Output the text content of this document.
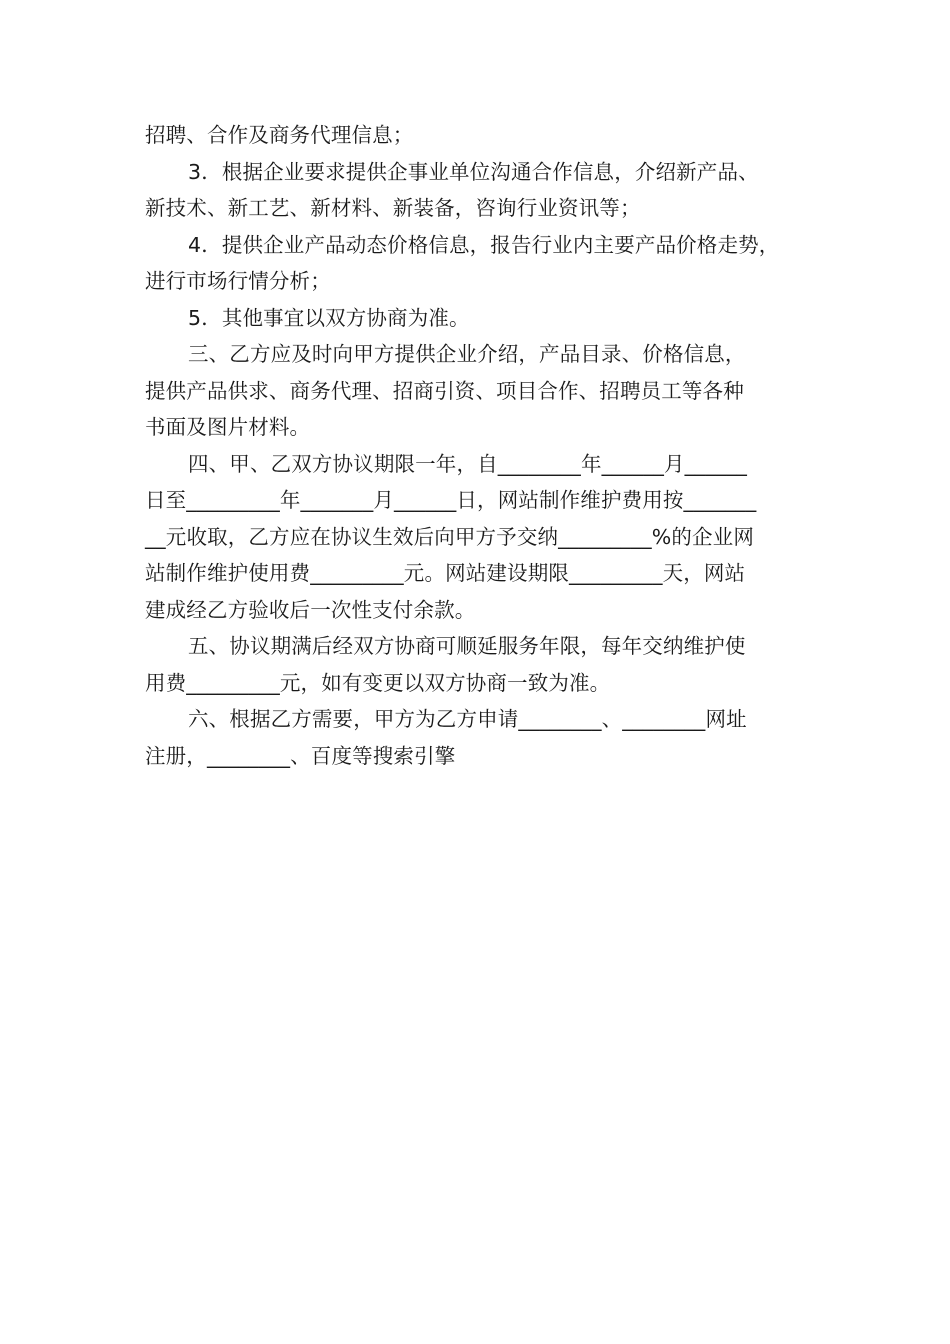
招聘、合作及商务代理信息；
3．根据企业要求提供企事业单位沟通合作信息，介绍新产品、
新技术、新工艺、新材料、新装备，咨询行业资讯等；
4．提供企业产品动态价格信息，报告行业内主要产品价格走势，
进行市场行情分析；
5．其他事宜以双方协商为准。
三、乙方应及时向甲方提供企业介绍，产品目录、价格信息，
提供产品供求、商务代理、招商引资、项目合作、招聘员工等各种
书面及图片材料。
四、甲、乙双方协议期限一年，自________年______月______
日至_________年_______月______日，网站制作维护费用按_______
__元收取，乙方应在协议生效后向甲方予交纳_________%的企业网
站制作维护使用费_________元。网站建设期限_________天，网站
建成经乙方验收后一次性支付余款。
五、协议期满后经双方协商可顺延服务年限，每年交纳维护使
用费_________元，如有变更以双方协商一致为准。
六、根据乙方需要，甲方为乙方申请________、________网址
注册，________、百度等搜索引擎
